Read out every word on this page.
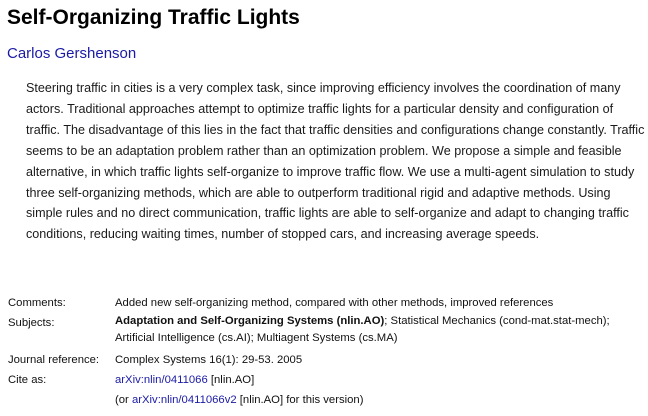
Self-Organizing Traffic Lights
Carlos Gershenson

Steering traffic in cities is a very complex task, since improving efficiency involves the coordination of many actors. Traditional approaches attempt to optimize traffic lights for a particular density and configuration of traffic. The disadvantage of this lies in the fact that traffic densities and configurations change constantly. Traffic seems to be an adaptation problem rather than an optimization problem. We propose a simple and feasible alternative, in which traffic lights self-organize to improve traffic flow. We use a multi-agent simulation to study three self-organizing methods, which are able to outperform traditional rigid and adaptive methods. Using simple rules and no direct communication, traffic lights are able to self-organize and adapt to changing traffic conditions, reducing waiting times, number of stopped cars, and increasing average speeds.

Comments:	Added new self-organizing method, compared with other methods, improved references
Subjects:	Adaptation and Self-Organizing Systems (nlin.AO); Statistical Mechanics (cond-mat.stat-mech); Artificial Intelligence (cs.AI); Multiagent Systems (cs.MA)
Journal reference:	Complex Systems 16(1): 29-53. 2005
Cite as:	arXiv:nlin/0411066 [nlin.AO]
(or arXiv:nlin/0411066v2 [nlin.AO] for this version)
